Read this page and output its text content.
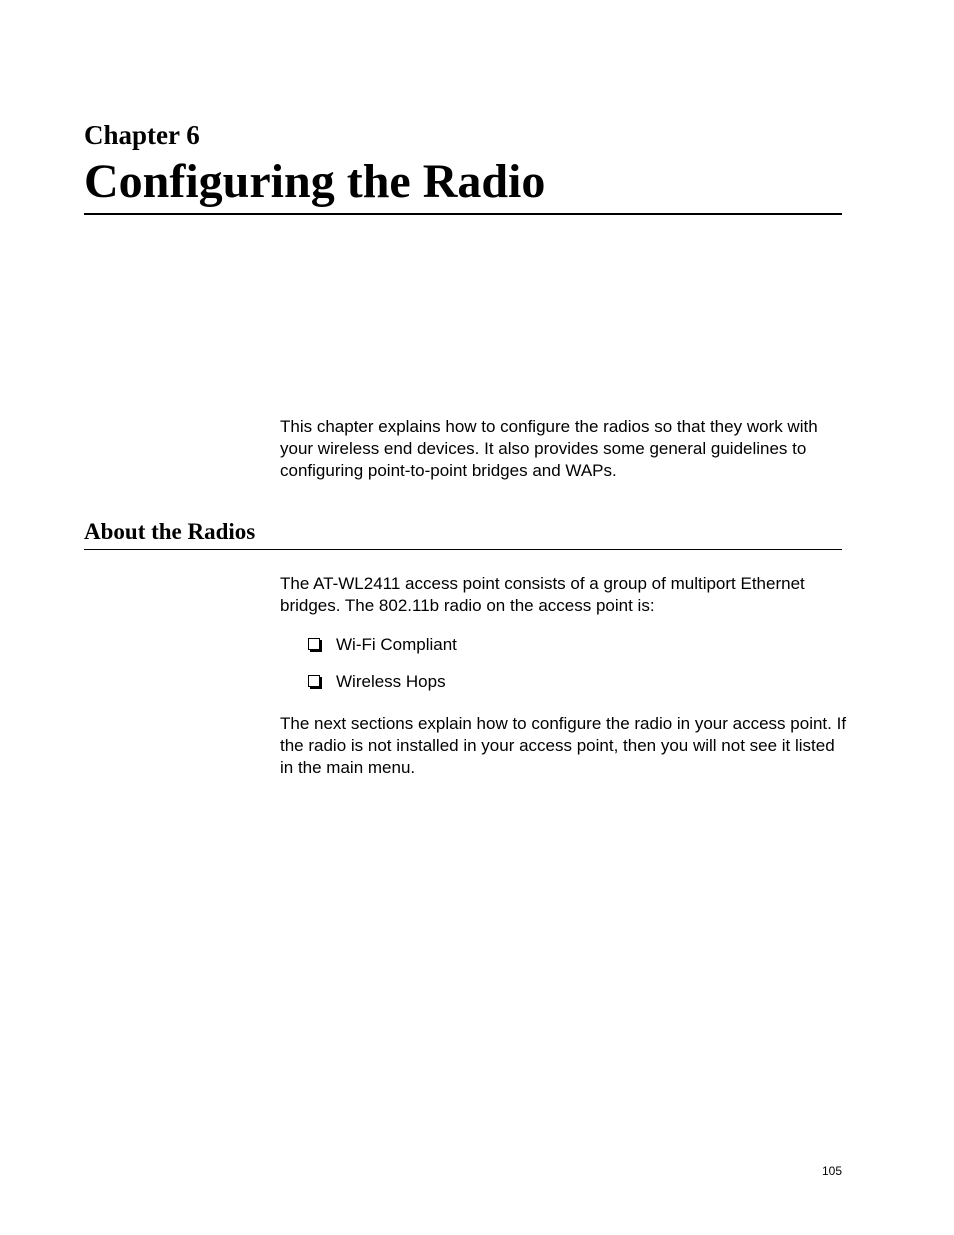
Chapter 6
Configuring the Radio

This chapter explains how to configure the radios so that they work with your wireless end devices. It also provides some general guidelines to configuring point-to-point bridges and WAPs.

About the Radios

The AT-WL2411 access point consists of a group of multiport Ethernet bridges. The 802.11b radio on the access point is:

Wi-Fi Compliant
Wireless Hops

The next sections explain how to configure the radio in your access point. If the radio is not installed in your access point, then you will not see it listed in the main menu.

105
